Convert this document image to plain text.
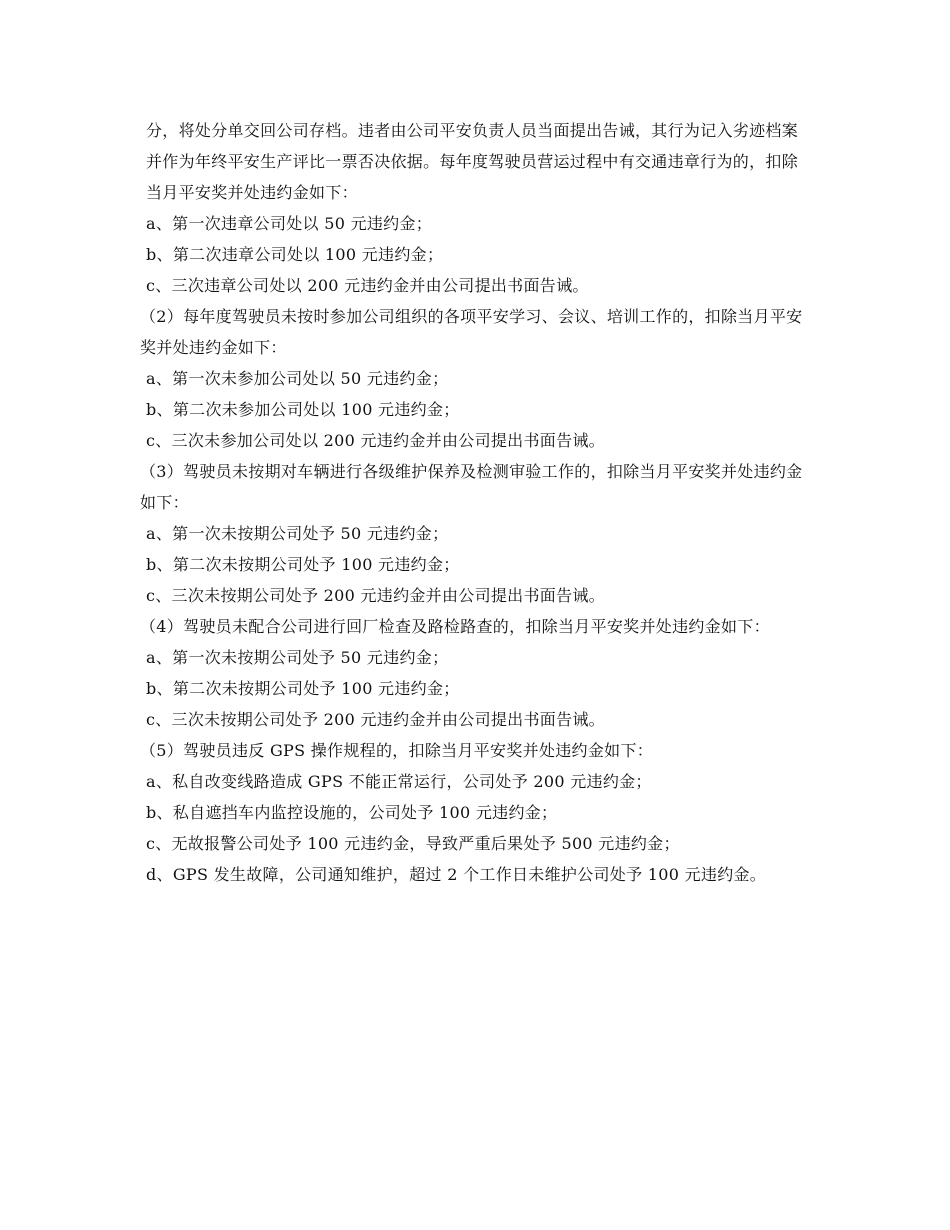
分，将处分单交回公司存档。违者由公司平安负责人员当面提出告诫，其行为记入劣迹档案并作为年终平安生产评比一票否决依据。每年度驾驶员营运过程中有交通违章行为的，扣除当月平安奖并处违约金如下：

a、第一次违章公司处以 50 元违约金；

b、第二次违章公司处以 100 元违约金；

c、三次违章公司处以 200 元违约金并由公司提出书面告诫。

（2）每年度驾驶员未按时参加公司组织的各项平安学习、会议、培训工作的，扣除当月平安奖并处违约金如下：

a、第一次未参加公司处以 50 元违约金；

b、第二次未参加公司处以 100 元违约金；

c、三次未参加公司处以 200 元违约金并由公司提出书面告诫。

（3）驾驶员未按期对车辆进行各级维护保养及检测审验工作的，扣除当月平安奖并处违约金如下：

a、第一次未按期公司处予 50 元违约金；

b、第二次未按期公司处予 100 元违约金；

c、三次未按期公司处予 200 元违约金并由公司提出书面告诫。

（4）驾驶员未配合公司进行回厂检查及路检路查的，扣除当月平安奖并处违约金如下：

a、第一次未按期公司处予 50 元违约金；

b、第二次未按期公司处予 100 元违约金；

c、三次未按期公司处予 200 元违约金并由公司提出书面告诫。

（5）驾驶员违反 GPS 操作规程的，扣除当月平安奖并处违约金如下：

a、私自改变线路造成 GPS 不能正常运行，公司处予 200 元违约金；

b、私自遮挡车内监控设施的，公司处予 100 元违约金；

c、无故报警公司处予 100 元违约金，导致严重后果处予 500 元违约金；

d、GPS 发生故障，公司通知维护，超过 2 个工作日未维护公司处予 100 元违约金。
